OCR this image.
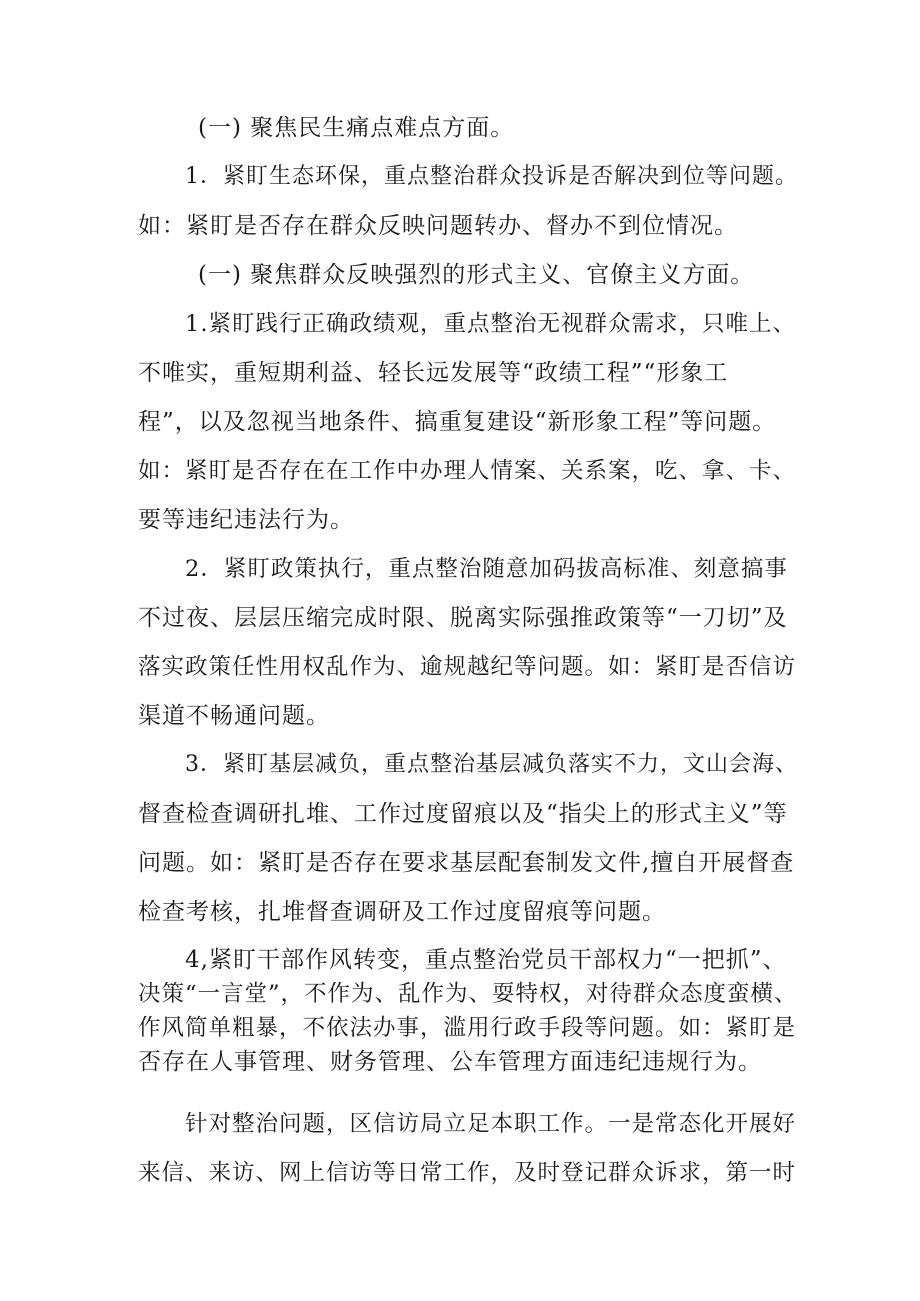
(一) 聚焦民生痛点难点方面。

1．紧盯生态环保，重点整治群众投诉是否解决到位等问题。

如：紧盯是否存在群众反映问题转办、督办不到位情况。

(一) 聚焦群众反映强烈的形式主义、官僚主义方面。

1.紧盯践行正确政绩观，重点整治无视群众需求，只唯上、

不唯实，重短期利益、轻长远发展等“政绩工程”“形象工

程”，以及忽视当地条件、搞重复建设“新形象工程”等问题。

如：紧盯是否存在在工作中办理人情案、关系案，吃、拿、卡、

要等违纪违法行为。

2．紧盯政策执行，重点整治随意加码拔高标准、刻意搞事

不过夜、层层压缩完成时限、脱离实际强推政策等“一刀切”及

落实政策任性用权乱作为、逾规越纪等问题。如：紧盯是否信访

渠道不畅通问题。

3．紧盯基层减负，重点整治基层减负落实不力，文山会海、

督查检查调研扎堆、工作过度留痕以及“指尖上的形式主义”等

问题。如：紧盯是否存在要求基层配套制发文件,擅自开展督查

检查考核，扎堆督查调研及工作过度留痕等问题。

4,紧盯干部作风转变，重点整治党员干部权力“一把抓”、

决策“一言堂”，不作为、乱作为、耍特权，对待群众态度蛮横、

作风简单粗暴，不依法办事，滥用行政手段等问题。如：紧盯是

否存在人事管理、财务管理、公车管理方面违纪违规行为。

针对整治问题，区信访局立足本职工作。一是常态化开展好

来信、来访、网上信访等日常工作，及时登记群众诉求，第一时
